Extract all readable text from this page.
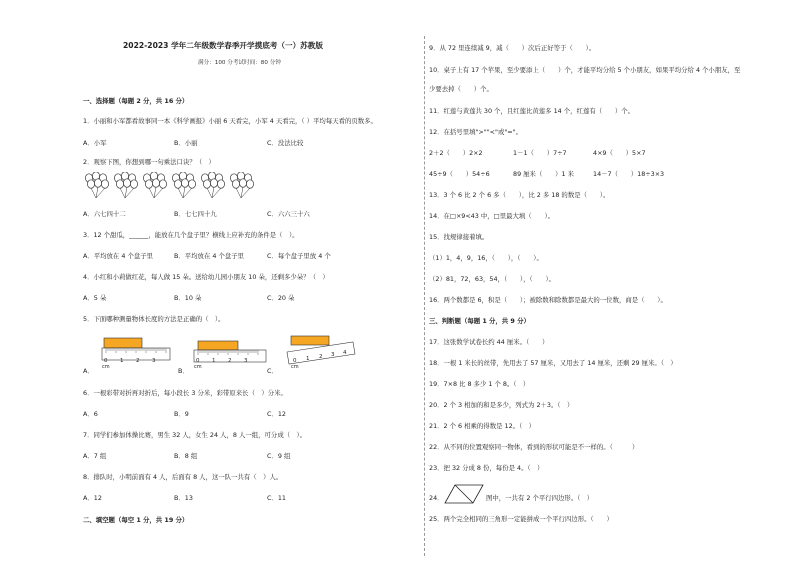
2022-2023 学年二年级数学春季开学摸底考（一）苏教版
满分：100 分考试时间：80 分钟
一、选择题（每题 2 分，共 16 分）
1．小丽和小军都看故事同一本《科学画报》小丽 6 天看完，小军 4 天看完，（ ）平均每天看的页数多。
A．小军	B．小丽	C．没法比较
2．观察下图，你想到哪一句乘法口诀？（　）
A．六七四十二	B．七七四十九	C．六六三十六
3．12 个甜瓜，______，能放在几个盘子里？横线上应补充的条件是（　）。
A．平均放在 4 个盘子里	B．平均放在 4 个盘子里	C．每个盘子里放 4 个
4．小红和小莉做红花，每人做 15 朵。送给幼儿园小朋友 10 朵，还剩多少朵？（　）
A．5 朵	B．10 朵	C．20 朵
5．下面哪种测量物体长度的方法是正确的（　）。
A．
0 1 2 3
cm	B．
0 1 2 3
cm	C．
0 1 2 3 4
cm
6．一根彩带对折再对折后，每小段长 3 分米，彩带原来长（　）分米。
A．6	B．9	C．12
7．同学们参加体操比赛，男生 32 人，女生 24 人，8 人一组，可分成（　）。
A．7 组	B．8 组	C．9 组
8．排队时，小明前面有 4 人，后面有 8 人，这一队一共有（　）人。
A．12	B．13	C．11
二、填空题（每空 1 分，共 19 分）
9．从 72 里连续减 9，减（　　）次后正好等于（　　）。
10．桌子上有 17 个苹果，至少要添上（　　）个，才能平均分给 5 个小朋友，如果平均分给 4 个小朋友，至
少要去掉（　　）个。
11．红莲与黄莲共 30 个，且红莲比黄莲多 14 个，红莲有（　　）个。
12．在括号里填">""<"或"="。
2＋2（　　）2×2	1－1（　　）7÷7	4×9（　　）5×7
45÷9（　　）54÷6	89 厘米（　　）1 米	14－7（　　）18÷3×3
13．3 个 6 比 2 个 6 多（　　），比 2 多 18 的数是（　　）。
14．在□×9<43 中，□里最大填（　　）。
15．找规律接着填。
（1）1，4，9，16，（　　），（　　）。
（2）81，72，63，54，（　　），（　　）。
16．两个数都是 6，积是（　　）；被除数和除数都是最大的一位数，商是（　　）。
三、判断题（每题 1 分，共 9 分）
17．这张数学试卷长约 44 厘米。（　　）
18．一根 1 米长的丝带，先用去了 57 厘米，又用去了 14 厘米，还剩 29 厘米。（　）
19．7×8 比 8 多少 1 个 8。（　）
20．2 个 3 相加的和是多少，列式为 2＋3。（　）
21．2 个 6 相乘的得数是 12。（　）
22．从不同的位置观察同一物体，看到的形状可能是不一样的。（　　　）
23．把 32 分成 8 份，每份是 4。（　）
24．	图中，一共有 2 个平行四边形。（　）
25．两个完全相同的三角形一定能拼成一个平行四边形。（　　）
